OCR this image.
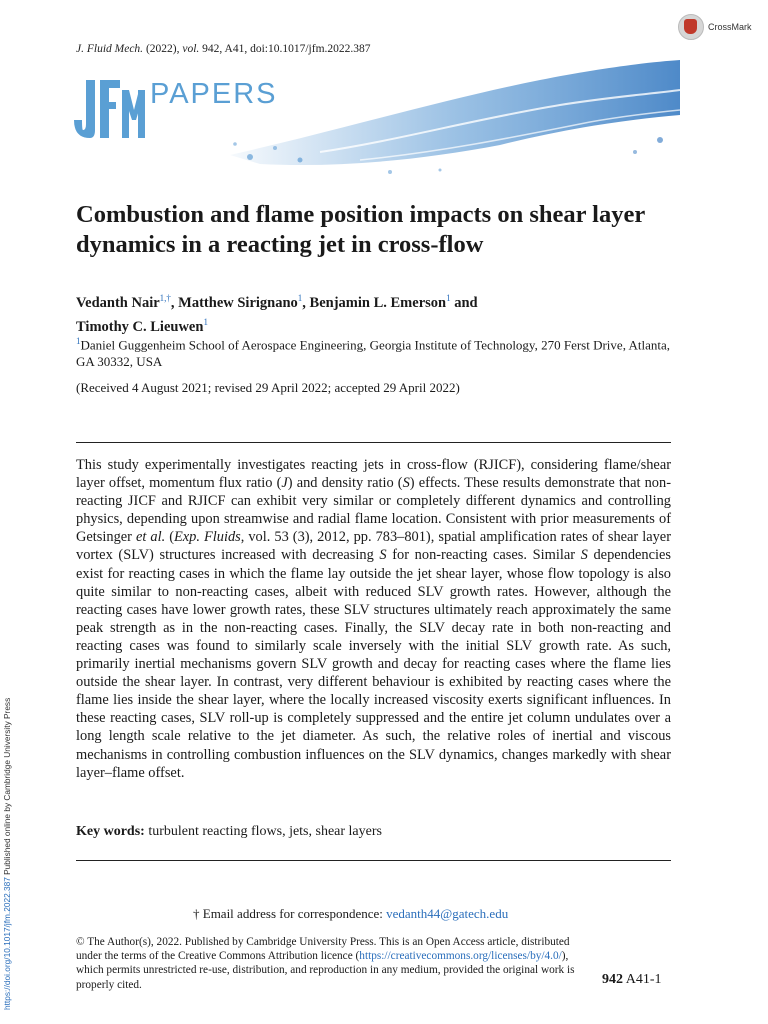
https://doi.org/10.1017/jfm.2022.387 Published online by Cambridge University Press
J. Fluid Mech. (2022), vol. 942, A41, doi:10.1017/jfm.2022.387
CrossMark
PAPERS
Combustion and flame position impacts on shear layer dynamics in a reacting jet in cross-flow
Vedanth Nair$^{1,\dagger}$, Matthew Sirignano$^1$, Benjamin L. Emerson$^1$ and
Timothy C. Lieuwen$^1$
$^1$Daniel Guggenheim School of Aerospace Engineering, Georgia Institute of Technology, 270 Ferst Drive, Atlanta, GA 30332, USA
(Received 4 August 2021; revised 29 April 2022; accepted 29 April 2022)
This study experimentally investigates reacting jets in cross-flow (RJICF), considering flame/shear layer offset, momentum flux ratio (J) and density ratio (S) effects. These results demonstrate that non-reacting JICF and RJICF can exhibit very similar or completely different dynamics and controlling physics, depending upon streamwise and radial flame location. Consistent with prior measurements of Getsinger et al. (Exp. Fluids, vol. 53 (3), 2012, pp. 783–801), spatial amplification rates of shear layer vortex (SLV) structures increased with decreasing S for non-reacting cases. Similar S dependencies exist for reacting cases in which the flame lay outside the jet shear layer, whose flow topology is also quite similar to non-reacting cases, albeit with reduced SLV growth rates. However, although the reacting cases have lower growth rates, these SLV structures ultimately reach approximately the same peak strength as in the non-reacting cases. Finally, the SLV decay rate in both non-reacting and reacting cases was found to similarly scale inversely with the initial SLV growth rate. As such, primarily inertial mechanisms govern SLV growth and decay for reacting cases where the flame lies outside the shear layer. In contrast, very different behaviour is exhibited by reacting cases where the flame lies inside the shear layer, where the locally increased viscosity exerts significant influences. In these reacting cases, SLV roll-up is completely suppressed and the entire jet column undulates over a long length scale relative to the jet diameter. As such, the relative roles of inertial and viscous mechanisms in controlling combustion influences on the SLV dynamics, changes markedly with shear layer–flame offset.
Key words: turbulent reacting flows, jets, shear layers
† Email address for correspondence: vedanth44@gatech.edu
© The Author(s), 2022. Published by Cambridge University Press. This is an Open Access article, distributed under the terms of the Creative Commons Attribution licence (https://creativecommons.org/licenses/by/4.0/), which permits unrestricted re-use, distribution, and reproduction in any medium, provided the original work is properly cited.	942 A41-1
